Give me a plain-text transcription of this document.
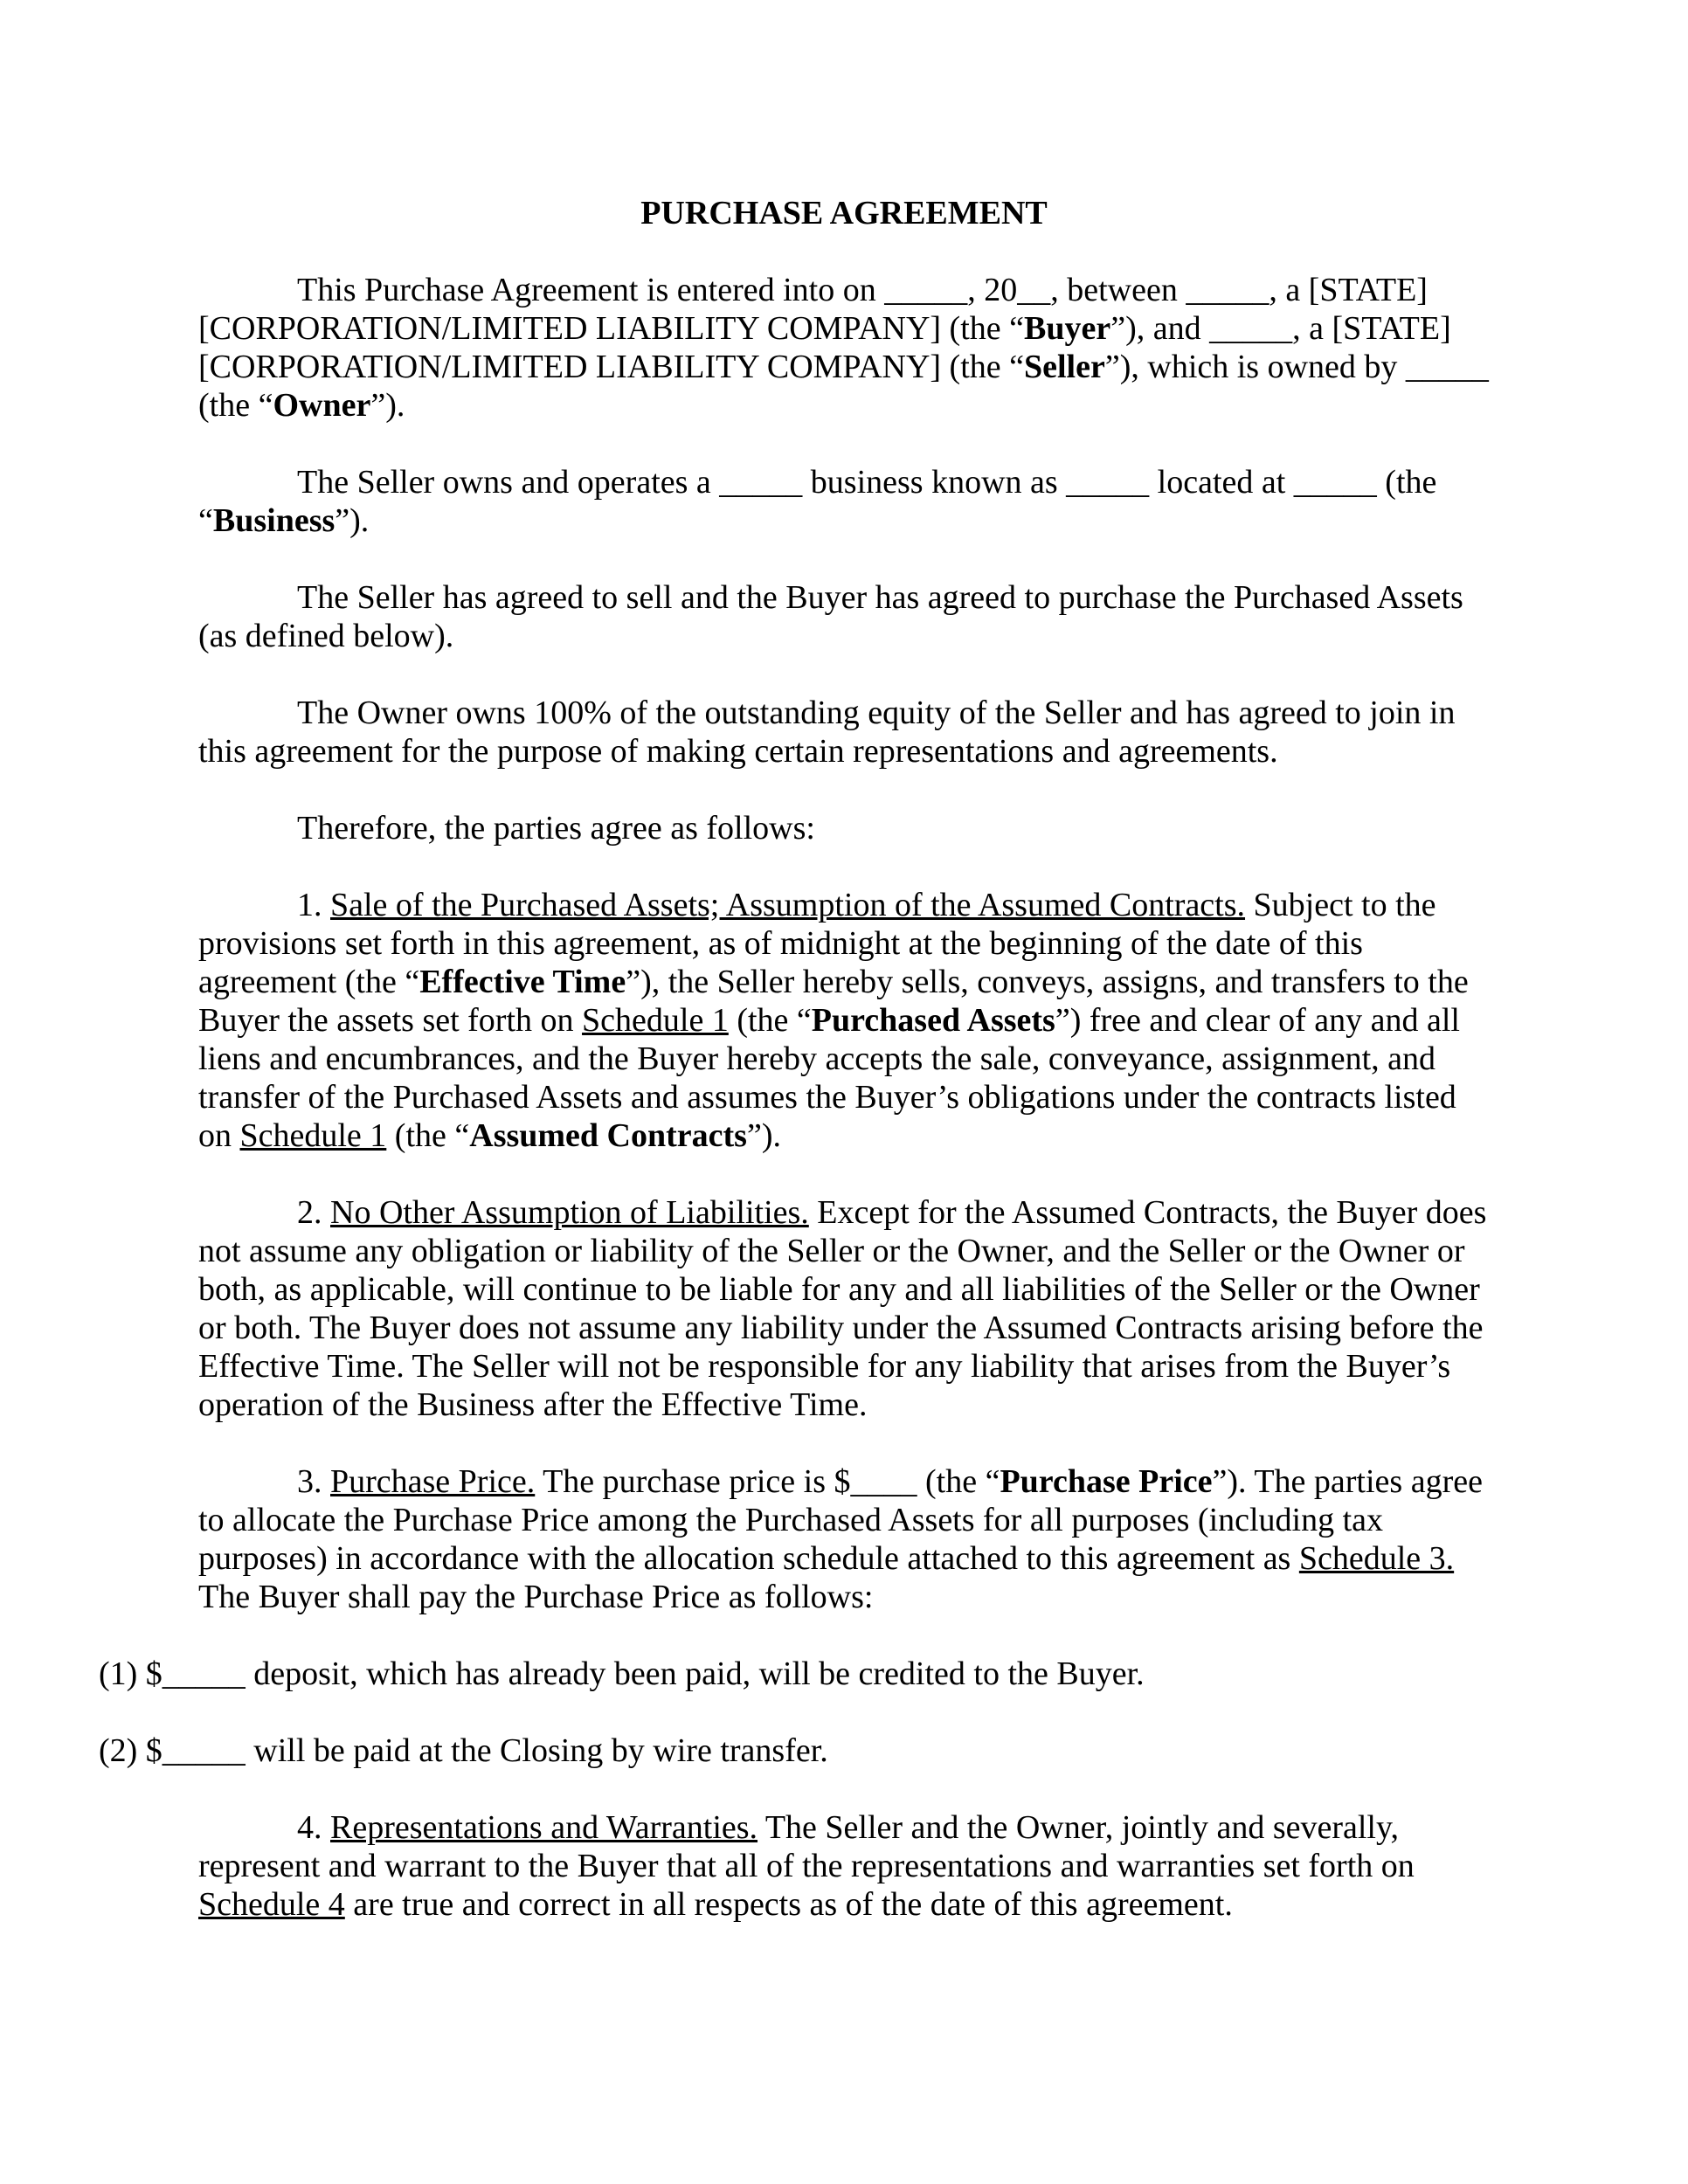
PURCHASE AGREEMENT

This Purchase Agreement is entered into on _____, 20__, between _____, a [STATE] [CORPORATION/LIMITED LIABILITY COMPANY] (the “Buyer”), and _____, a [STATE] [CORPORATION/LIMITED LIABILITY COMPANY] (the “Seller”), which is owned by _____ (the “Owner”).

The Seller owns and operates a _____ business known as _____ located at _____ (the “Business”).

The Seller has agreed to sell and the Buyer has agreed to purchase the Purchased Assets (as defined below).

The Owner owns 100% of the outstanding equity of the Seller and has agreed to join in this agreement for the purpose of making certain representations and agreements.

Therefore, the parties agree as follows:

1. Sale of the Purchased Assets; Assumption of the Assumed Contracts. Subject to the provisions set forth in this agreement, as of midnight at the beginning of the date of this agreement (the “Effective Time”), the Seller hereby sells, conveys, assigns, and transfers to the Buyer the assets set forth on Schedule 1 (the “Purchased Assets”) free and clear of any and all liens and encumbrances, and the Buyer hereby accepts the sale, conveyance, assignment, and transfer of the Purchased Assets and assumes the Buyer’s obligations under the contracts listed on Schedule 1 (the “Assumed Contracts”).

2. No Other Assumption of Liabilities. Except for the Assumed Contracts, the Buyer does not assume any obligation or liability of the Seller or the Owner, and the Seller or the Owner or both, as applicable, will continue to be liable for any and all liabilities of the Seller or the Owner or both. The Buyer does not assume any liability under the Assumed Contracts arising before the Effective Time. The Seller will not be responsible for any liability that arises from the Buyer’s operation of the Business after the Effective Time.

3. Purchase Price. The purchase price is $____ (the “Purchase Price”). The parties agree to allocate the Purchase Price among the Purchased Assets for all purposes (including tax purposes) in accordance with the allocation schedule attached to this agreement as Schedule 3. The Buyer shall pay the Purchase Price as follows:

(1) $_____ deposit, which has already been paid, will be credited to the Buyer.

(2) $_____ will be paid at the Closing by wire transfer.

4. Representations and Warranties. The Seller and the Owner, jointly and severally, represent and warrant to the Buyer that all of the representations and warranties set forth on Schedule 4 are true and correct in all respects as of the date of this agreement.
